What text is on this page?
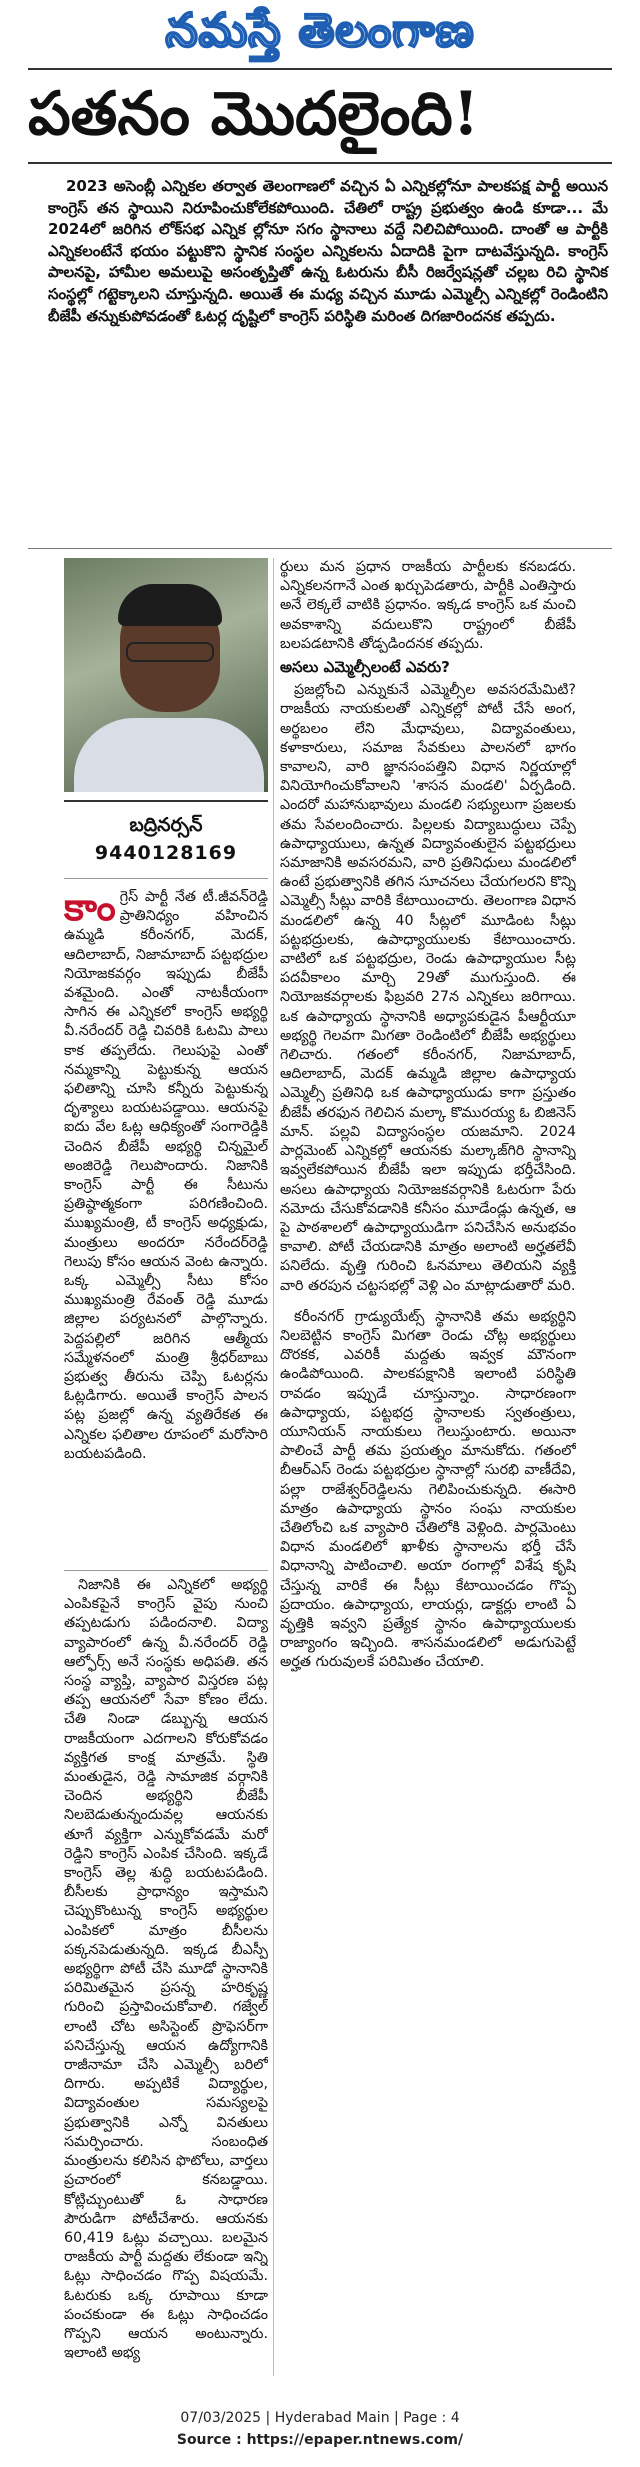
నమస్తే తెలంగాణ
పతనం మొదలైంది!

2023 అసెంబ్లీ ఎన్నికల తర్వాత తెలంగాణలో వచ్చిన ఏ ఎన్నికల్లోనూ పాలకపక్ష పార్టీ అయిన కాంగ్రెస్ తన స్థాయిని నిరూపించుకోలేకపోయింది. చేతిలో రాష్ట్ర ప్రభుత్వం ఉండి కూడా... మే 2024లో జరిగిన లోక్‌సభ ఎన్నిక ల్లోనూ సగం స్థానాలు వద్దే నిలిచిపోయింది. దాంతో ఆ పార్టీకి ఎన్నికలంటేనే భయం పట్టుకొని స్థానిక సంస్థల ఎన్నికలను ఏదాదికి పైగా దాటవేస్తున్నది. కాంగ్రెస్ పాలనపై, హామీల అమలుపై అసంతృప్తితో ఉన్న ఓటరును బీసీ రిజర్వేషన్లతో చల్లబ రిచి స్థానిక సంస్థల్లో గట్టెక్కాలని చూస్తున్నది. అయితే ఈ మధ్య వచ్చిన మూడు ఎమ్మెల్సీ ఎన్నికల్లో రెండింటిని బీజేపీ తన్నుకుపోవడంతో ఓటర్ల దృష్టిలో కాంగ్రెస్ పరిస్థితి మరింత దిగజారిందనక తప్పదు.

బద్రినర్సన్
9440128169
కాం గ్రెస్ పార్టీ నేత టీ.జీవన్‌రెడ్డి ప్రాతినిధ్యం వహించిన ఉమ్మడి కరీంనగర్, మెదక్, ఆదిలాబాద్, నిజామాబాద్ పట్టభద్రుల నియోజకవర్గం ఇప్పుడు బీజేపీ వశమైంది. ఎంతో నాటకీయంగా సాగిన ఈ ఎన్నికలో కాంగ్రెస్ అభ్యర్థి వీ.నరేందర్ రెడ్డి చివరికి ఓటమి పాలు కాక తప్పలేదు. గెలుపుపై ఎంతో నమ్మకాన్ని పెట్టుకున్న ఆయన ఫలితాన్ని చూసి కన్నీరు పెట్టుకున్న దృశ్యాలు బయటపడ్డాయి. ఆయనపై ఐదు వేల ఓట్ల ఆధిక్యంతో సంగారెడ్డికి చెందిన బీజేపీ అభ్యర్థి చిన్నమైల్ అంజిరెడ్డి గెలుపొందారు. నిజానికి కాంగ్రెస్ పార్టీ ఈ సీటును ప్రతిష్ఠాత్మకంగా పరిగణించింది. ముఖ్యమంత్రి, టీ కాంగ్రెస్ అధ్యక్షుడు, మంత్రులు అందరూ నరేందర్‌రెడ్డి గెలుపు కోసం ఆయన వెంట ఉన్నారు. ఒక్క ఎమ్మెల్సీ సీటు కోసం ముఖ్యమంత్రి రేవంత్ రెడ్డి మూడు జిల్లాల పర్యటనలో పాల్గొన్నారు. పెద్దపల్లిలో జరిగిన ఆత్మీయ సమ్మేళనంలో మంత్రి శ్రీధర్‌బాబు ప్రభుత్వ తీరును చెప్పి ఓటర్లను ఓట్లడిగారు. అయితే కాంగ్రెస్ పాలన పట్ల ప్రజల్లో ఉన్న వ్యతిరేకత ఈ ఎన్నికల ఫలితాల రూపంలో మరోసారి బయటపడింది.

నిజానికి ఈ ఎన్నికలో అభ్యర్థి ఎంపికపైనే కాంగ్రెస్ వైపు నుంచి తప్పటడుగు పడిందనాలి. విద్యా వ్యాపారంలో ఉన్న వీ.నరేందర్ రెడ్డి ఆల్ఫోర్స్ అనే సంస్థకు అధిపతి. తన సంస్థ వ్యాప్తి, వ్యాపార విస్తరణ పట్ల తప్ప ఆయనలో సేవా కోణం లేదు. చేతి నిండా డబ్బున్న ఆయన రాజకీయంగా ఎదగాలని కోరుకోవడం వ్యక్తిగత కాంక్ష మాత్రమే. స్థితి మంతుడైన, రెడ్డి సామాజిక వర్గానికి చెందిన అభ్యర్థిని బీజేపీ నిలబెడుతున్నందువల్ల ఆయనకు తూగే వ్యక్తిగా ఎన్నుకోవడమే మరో రెడ్డిని కాంగ్రెస్ ఎంపిక చేసింది. ఇక్కడే కాంగ్రెస్ తెల్ల శుద్ధి బయటపడింది. బీసీలకు ప్రాధాన్యం ఇస్తామని చెప్పుకొంటున్న కాంగ్రెస్ అభ్యర్థుల ఎంపికలో మాత్రం బీసీలను పక్కనపెడుతున్నది. ఇక్కడ బీఎస్పీ అభ్యర్థిగా పోటీ చేసి మూడో స్థానానికి పరిమితమైన ప్రసన్న హరికృష్ణ గురించి ప్రస్తావించుకోవాలి. గజ్వేల్ లాంటి చోట అసిస్టెంట్ ప్రొఫెసర్‌గా పనిచేస్తున్న ఆయన ఉద్యోగానికి రాజీనామా చేసి ఎమ్మెల్సీ బరిలో దిగారు. అప్పటికే విద్యార్థుల, విద్యావంతుల సమస్యలపై ప్రభుత్వానికి ఎన్నో వినతులు సమర్పించారు. సంబంధిత మంత్రులను కలిసిన ఫొటోలు, వార్తలు ప్రచారంలో కనబడ్డాయి. కోట్లిచ్చుంటుతో ఓ సాధారణ పౌరుడిగా పోటీచేశారు. ఆయనకు 60,419 ఓట్లు వచ్చాయి. బలమైన రాజకీయ పార్టీ మద్దతు లేకుండా ఇన్ని ఓట్లు సాధించడం గొప్ప విషయమే. ఓటరుకు ఒక్క రూపాయి కూడా పంచకుండా ఈ ఓట్లు సాధించడం గొప్పని ఆయన అంటున్నారు. ఇలాంటి అభ్య

ర్థులు మన ప్రధాన రాజకీయ పార్టీలకు కనబడరు. ఎన్నికలనగానే ఎంత ఖర్చుపెడతారు, పార్టీకి ఎంతిస్తారు అనే లెక్కలే వాటికి ప్రధానం. ఇక్కడ కాంగ్రెస్ ఒక మంచి అవకాశాన్ని వదులుకొని రాష్ట్రంలో బీజేపీ బలపడటానికి తోడ్పడిందనక తప్పదు.

అసలు ఎమ్మెల్సీలంటే ఎవరు?

ప్రజల్లోంచి ఎన్నుకునే ఎమ్మెల్సీల అవసరమేమిటి? రాజకీయ నాయకులతో ఎన్నికల్లో పోటీ చేసే అంగ, అర్థబలం లేని మేధావులు, విద్యావంతులు, కళాకారులు, సమాజ సేవకులు పాలనలో భాగం కావాలని, వారి జ్ఞానసంపత్తిని విధాన నిర్ణయాల్లో వినియోగించుకోవాలని 'శాసన మండలి' ఏర్పడింది. ఎందరో మహానుభావులు మండలి సభ్యులుగా ప్రజలకు తమ సేవలందించారు. పిల్లలకు విద్యాబుద్ధులు చెప్పే ఉపాధ్యాయులు, ఉన్నత విద్యావంతులైన పట్టభద్రులు సమాజానికి అవసరమని, వారి ప్రతినిధులు మండలిలో ఉంటే ప్రభుత్వానికి తగిన సూచనలు చేయగలరని కొన్ని ఎమ్మెల్సీ సీట్లు వారికి కేటాయించారు. తెలంగాణ విధాన మండలిలో ఉన్న 40 సీట్లలో మూడింట సీట్లు పట్టభద్రులకు, ఉపాధ్యాయులకు కేటాయించారు. వాటిలో ఒక పట్టభద్రుల, రెండు ఉపాధ్యాయుల సీట్ల పదవీకాలం మార్చి 29తో ముగుస్తుంది. ఈ నియోజకవర్గాలకు ఫిబ్రవరి 27న ఎన్నికలు జరిగాయి. ఒక ఉపాధ్యాయ స్థానానికి అధ్యాపకుడైన పీఆర్టీయూ అభ్యర్థి గెలవగా మిగతా రెండింటిలో బీజేపీ అభ్యర్థులు గెలిచారు. గతంలో కరీంనగర్, నిజామాబాద్, ఆదిలాబాద్, మెదక్ ఉమ్మడి జిల్లాల ఉపాధ్యాయ ఎమ్మెల్సీ ప్రతినిధి ఒక ఉపాధ్యాయుడు కాగా ప్రస్తుతం బీజేపీ తరఫున గెలిచిన మల్కా కొమురయ్య ఓ బిజినెస్ మాన్. పల్లవి విద్యాసంస్థల యజమాని. 2024 పార్లమెంట్ ఎన్నికల్లో ఆయనకు మల్కాజ్‌గిరి స్థానాన్ని ఇవ్వలేకపోయిన బీజేపీ ఇలా ఇప్పుడు భర్తీచేసింది. అసలు ఉపాధ్యాయ నియోజకవర్గానికి ఓటరుగా పేరు నమోదు చేసుకోవడానికి కనీసం మూడేండ్లు ఉన్నత, ఆ పై పాఠశాలలో ఉపాధ్యాయుడిగా పనిచేసిన అనుభవం కావాలి. పోటీ చేయడానికి మాత్రం అలాంటి అర్హతలేవీ పనిలేదు. వృత్తి గురించి ఓనమాలు తెలియని వ్యక్తి వారి తరపున చట్టసభల్లో వెళ్లి ఎం మాట్లాడుతారో మరి.

కరీంనగర్ గ్రాడ్యుయేట్స్ స్థానానికి తమ అభ్యర్థిని నిలబెట్టిన కాంగ్రెస్ మిగతా రెండు చోట్ల అభ్యర్థులు దొరకక, ఎవరికీ మద్దతు ఇవ్వక మౌనంగా ఉండిపోయింది. పాలకపక్షానికి ఇలాంటి పరిస్థితి రావడం ఇప్పుడే చూస్తున్నాం. సాధారణంగా ఉపాధ్యాయ, పట్టభద్ర స్థానాలకు స్వతంత్రులు, యూనియన్ నాయకులు గెలుస్తుంటారు. అయినా పాలించే పార్టీ తమ ప్రయత్నం మానుకోదు. గతంలో బీఆర్ఎస్ రెండు పట్టభద్రుల స్థానాల్లో సురభి వాణీదేవి, పల్లా రాజేశ్వర్‌రెడ్డిలను గెలిపించుకున్నది. ఈసారి మాత్రం ఉపాధ్యాయ స్థానం సంఘ నాయకుల చేతిలోంచి ఒక వ్యాపారి చేతిలోకి వెళ్లింది. పార్లమెంటు విధాన మండలిలో ఖాళీకు స్థానాలను భర్తీ చేసే విధానాన్ని పాటించాలి. అయా రంగాల్లో విశేష కృషి చేస్తున్న వారికే ఈ సీట్లు కేటాయించడం గొప్ప ప్రదాయం. ఉపాధ్యాయ, లాయర్లు, డాక్టర్లు లాంటి ఏ వృత్తికి ఇవ్వని ప్రత్యేక స్థానం ఉపాధ్యాయులకు రాజ్యాంగం ఇచ్చింది. శాసనమండలిలో అడుగుపెట్టే అర్హత గురువులకే పరిమితం చేయాలి.

07/03/2025 | Hyderabad Main | Page : 4
Source : https://epaper.ntnews.com/
